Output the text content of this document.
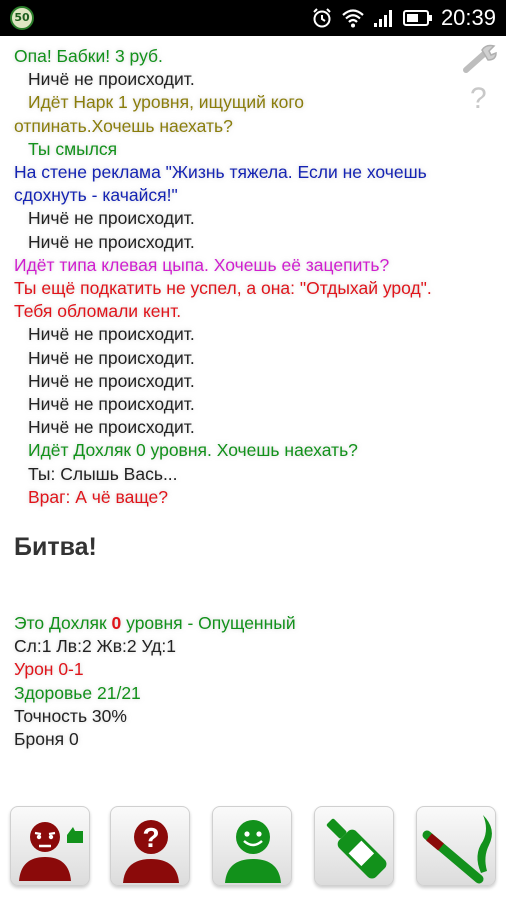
50	20:39
?
Опа! Бабки! 3 руб.
Ничё не происходит.
Идёт Нарк 1 уровня, ищущий кого
отпинать.Хочешь наехать?
Ты смылся
На стене реклама "Жизнь тяжела. Если не хочешь
сдохнуть - качайся!"
Ничё не происходит.
Ничё не происходит.
Идёт типа клевая цыпа. Хочешь её зацепить?
Ты ещё подкатить не успел, а она: "Отдыхай урод".
Тебя обломали кент.
Ничё не происходит.
Ничё не происходит.
Ничё не происходит.
Ничё не происходит.
Ничё не происходит.
Идёт Дохляк 0 уровня. Хочешь наехать?
Ты: Слышь Вась...
Враг: А чё ваще?
Битва!
Это Дохляк 0 уровня - Опущенный
Сл:1 Лв:2 Жв:2 Уд:1
Урон 0-1
Здоровье 21/21
Точность 30%
Броня 0
?
